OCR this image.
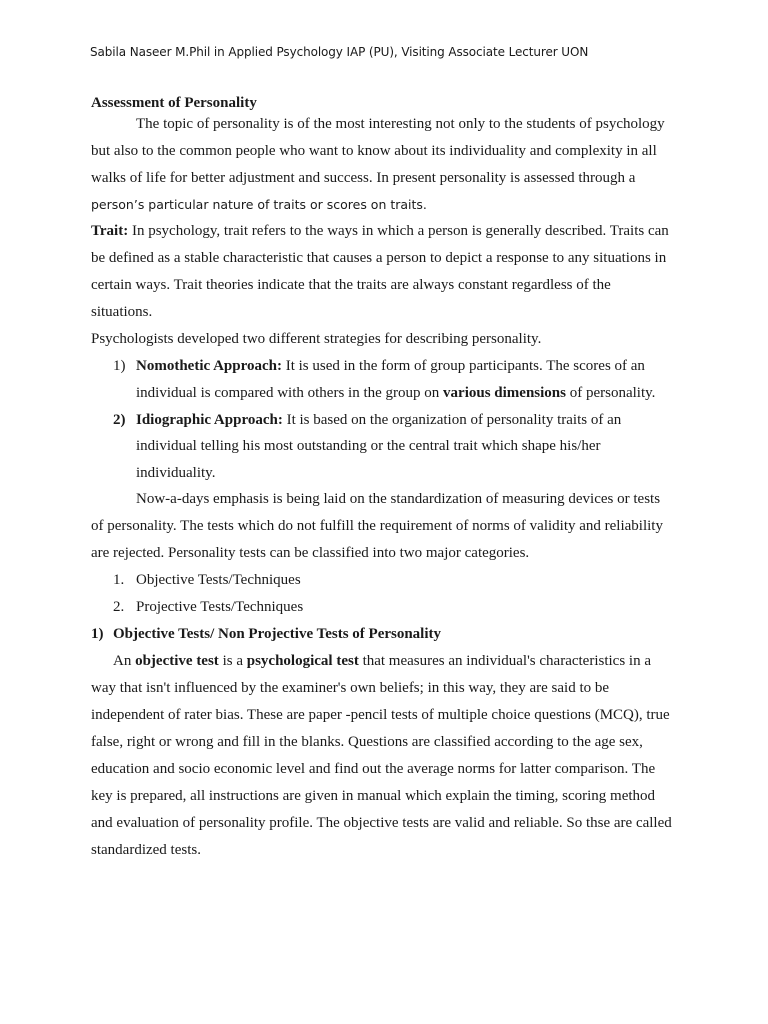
Sabila Naseer M.Phil in Applied Psychology IAP (PU), Visiting Associate Lecturer UON
Assessment of Personality
The topic of personality is of the most interesting not only to the students of psychology
but also to the common people who want to know about its individuality and complexity in all
walks of life for better adjustment and success. In present personality is assessed through a
person’s particular nature of traits or scores on traits.
Trait: In psychology, trait refers to the ways in which a person is generally described. Traits can
be defined as a stable characteristic that causes a person to depict a response to any situations in
certain ways. Trait theories indicate that the traits are always constant regardless of the
situations.
Psychologists developed two different strategies for describing personality.
1) Nomothetic Approach: It is used in the form of group participants. The scores of an
individual is compared with others in the group on various dimensions of personality.
2) Idiographic Approach: It is based on the organization of personality traits of an
individual telling his most outstanding or the central trait which shape his/her
individuality.
Now-a-days emphasis is being laid on the standardization of measuring devices or tests
of personality. The tests which do not fulfill the requirement of norms of validity and reliability
are rejected. Personality tests can be classified into two major categories.
1. Objective Tests/Techniques
2. Projective Tests/Techniques
1) Objective Tests/ Non Projective Tests of Personality
An objective test is a psychological test that measures an individual's characteristics in a
way that isn't influenced by the examiner's own beliefs; in this way, they are said to be
independent of rater bias. These are paper -pencil tests of multiple choice questions (MCQ), true
false, right or wrong and fill in the blanks. Questions are classified according to the age sex,
education and socio economic level and find out the average norms for latter comparison. The
key is prepared, all instructions are given in manual which explain the timing, scoring method
and evaluation of personality profile. The objective tests are valid and reliable. So thse are called
standardized tests.
